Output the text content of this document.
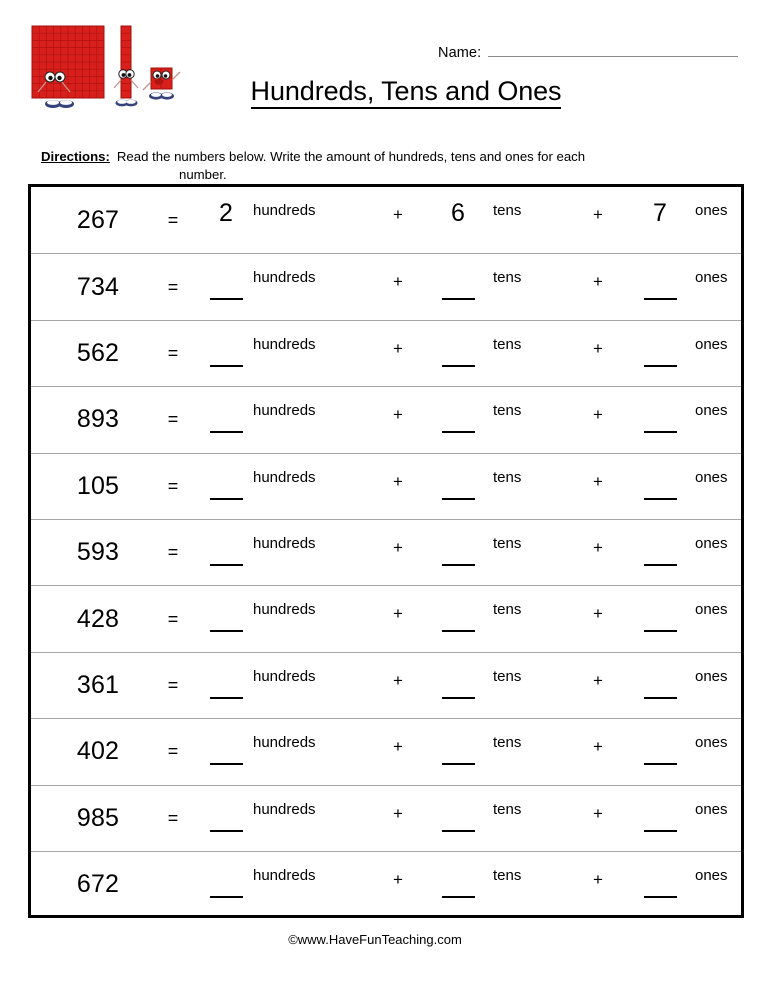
Name:
Hundreds, Tens and Ones
Directions: Read the numbers below. Write the amount of hundreds, tens and ones for each
number.
267	=	2 hundreds	+	6 tens	+	7 ones
734	=	hundreds	+	tens	+	ones
562	=	hundreds	+	tens	+	ones
893	=	hundreds	+	tens	+	ones
105	=	hundreds	+	tens	+	ones
593	=	hundreds	+	tens	+	ones
428	=	hundreds	+	tens	+	ones
361	=	hundreds	+	tens	+	ones
402	=	hundreds	+	tens	+	ones
985	=	hundreds	+	tens	+	ones
672	hundreds	+	tens	+	ones
©www.HaveFunTeaching.com
